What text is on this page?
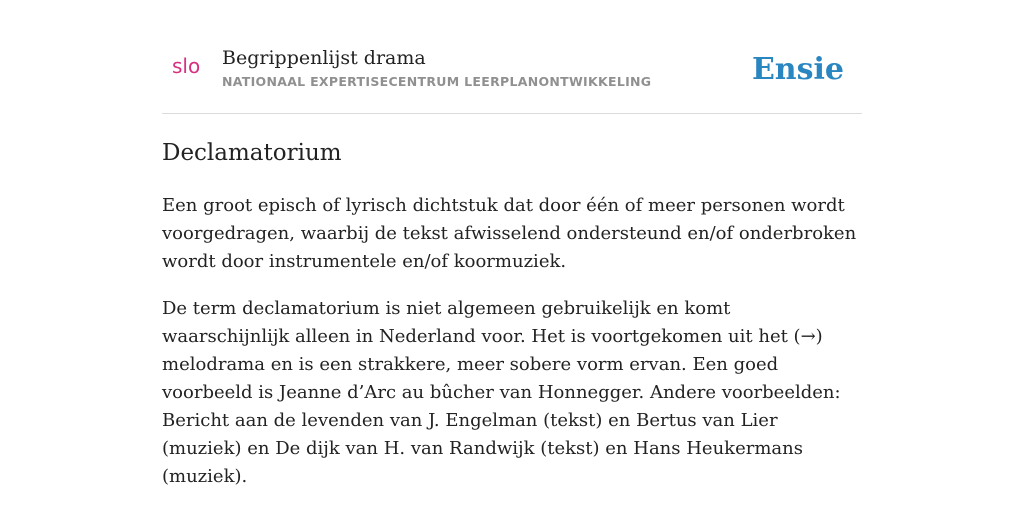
slo Begrippenlijst drama
NATIONAAL EXPERTISECENTRUM LEERPLANONTWIKKELING	Ensie
Declamatorium

Een groot episch of lyrisch dichtstuk dat door één of meer personen wordt voorgedragen, waarbij de tekst afwisselend ondersteund en/of onderbroken wordt door instrumentele en/of koormuziek.

De term declamatorium is niet algemeen gebruikelijk en komt waarschijnlijk alleen in Nederland voor. Het is voortgekomen uit het (→) melodrama en is een strakkere, meer sobere vorm ervan. Een goed voorbeeld is Jeanne d’Arc au bûcher van Honnegger. Andere voorbeelden: Bericht aan de levenden van J. Engelman (tekst) en Bertus van Lier (muziek) en De dijk van H. van Randwijk (tekst) en Hans Heukermans (muziek).
